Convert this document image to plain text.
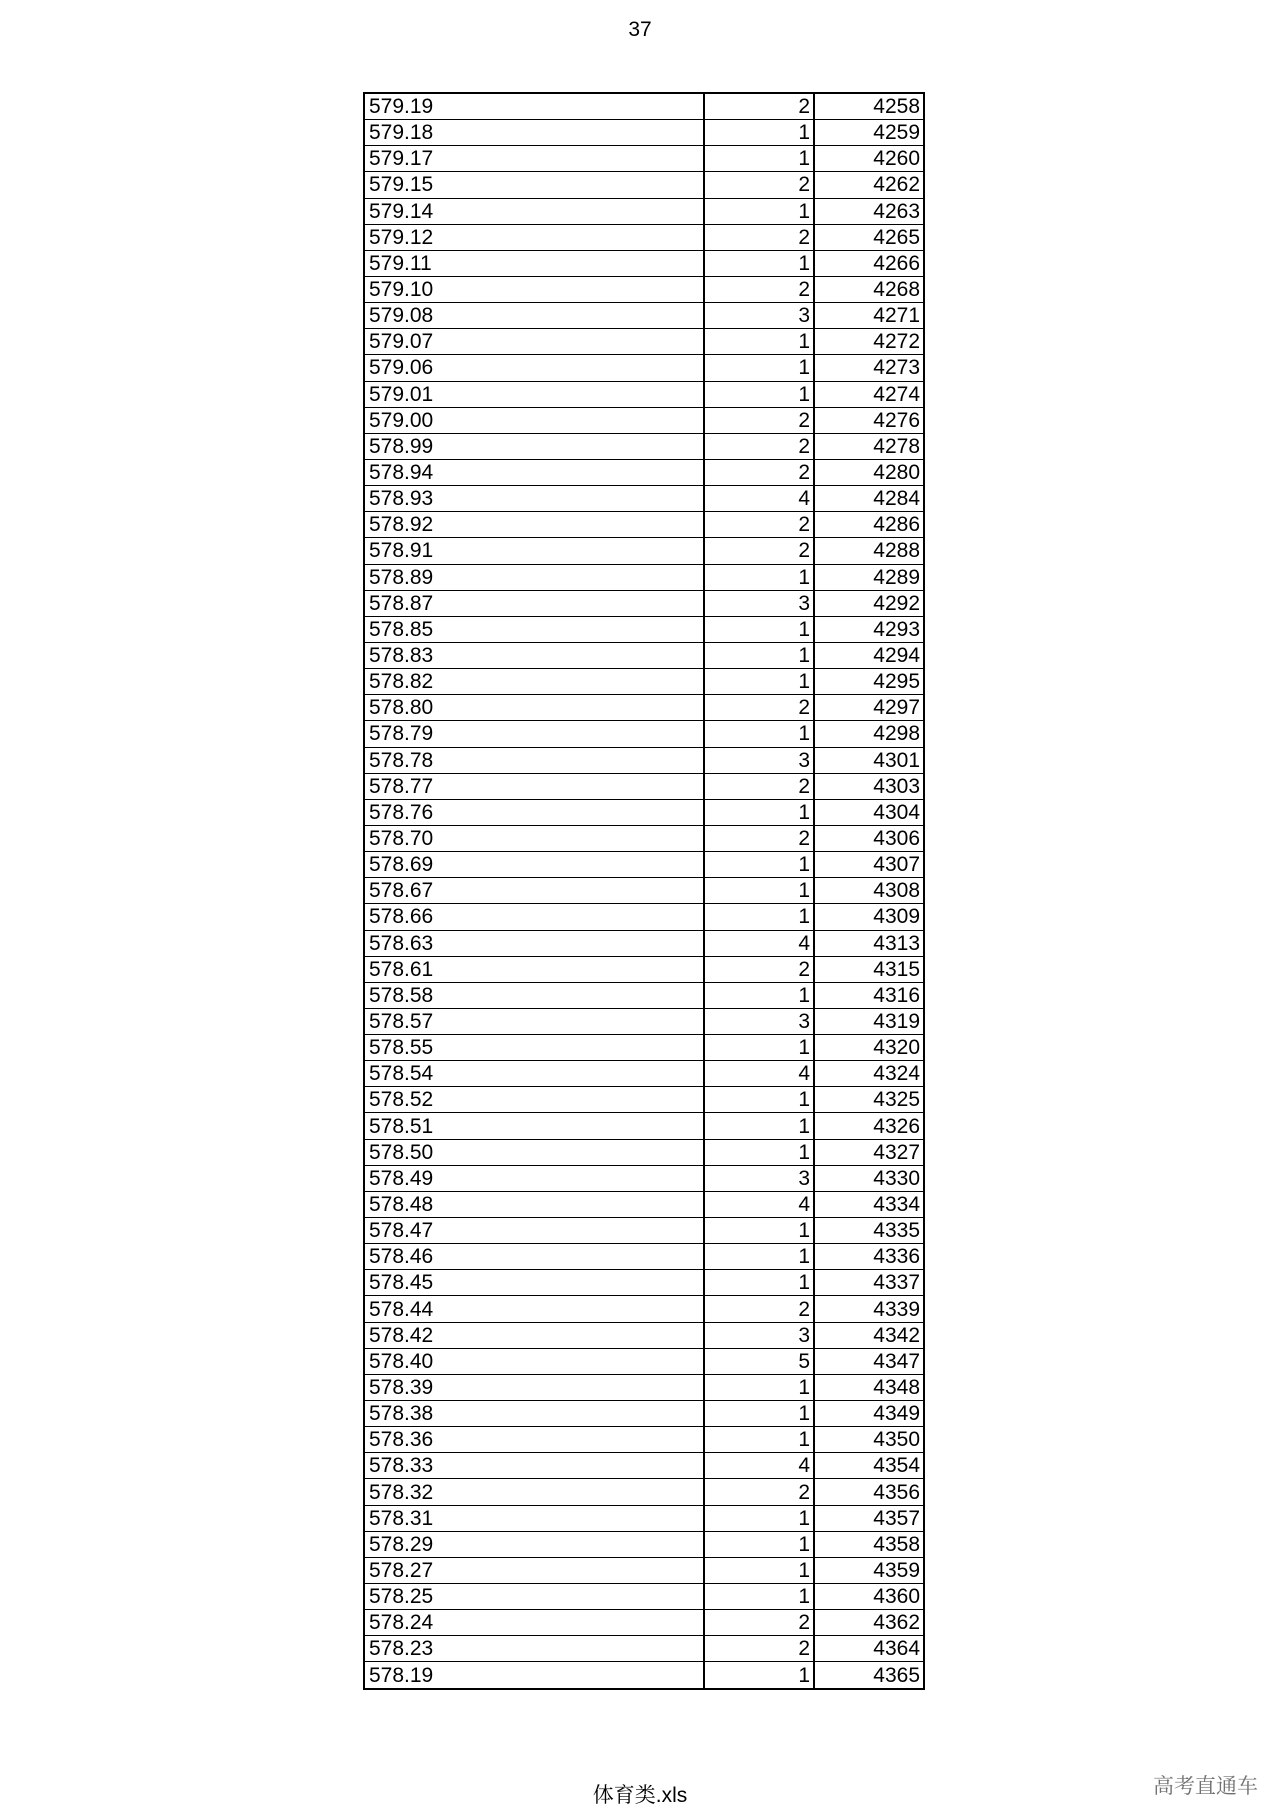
37
579.19	2	4258
579.18	1	4259
579.17	1	4260
579.15	2	4262
579.14	1	4263
579.12	2	4265
579.11	1	4266
579.10	2	4268
579.08	3	4271
579.07	1	4272
579.06	1	4273
579.01	1	4274
579.00	2	4276
578.99	2	4278
578.94	2	4280
578.93	4	4284
578.92	2	4286
578.91	2	4288
578.89	1	4289
578.87	3	4292
578.85	1	4293
578.83	1	4294
578.82	1	4295
578.80	2	4297
578.79	1	4298
578.78	3	4301
578.77	2	4303
578.76	1	4304
578.70	2	4306
578.69	1	4307
578.67	1	4308
578.66	1	4309
578.63	4	4313
578.61	2	4315
578.58	1	4316
578.57	3	4319
578.55	1	4320
578.54	4	4324
578.52	1	4325
578.51	1	4326
578.50	1	4327
578.49	3	4330
578.48	4	4334
578.47	1	4335
578.46	1	4336
578.45	1	4337
578.44	2	4339
578.42	3	4342
578.40	5	4347
578.39	1	4348
578.38	1	4349
578.36	1	4350
578.33	4	4354
578.32	2	4356
578.31	1	4357
578.29	1	4358
578.27	1	4359
578.25	1	4360
578.24	2	4362
578.23	2	4364
578.19	1	4365
体育类.xls	高考直通车
